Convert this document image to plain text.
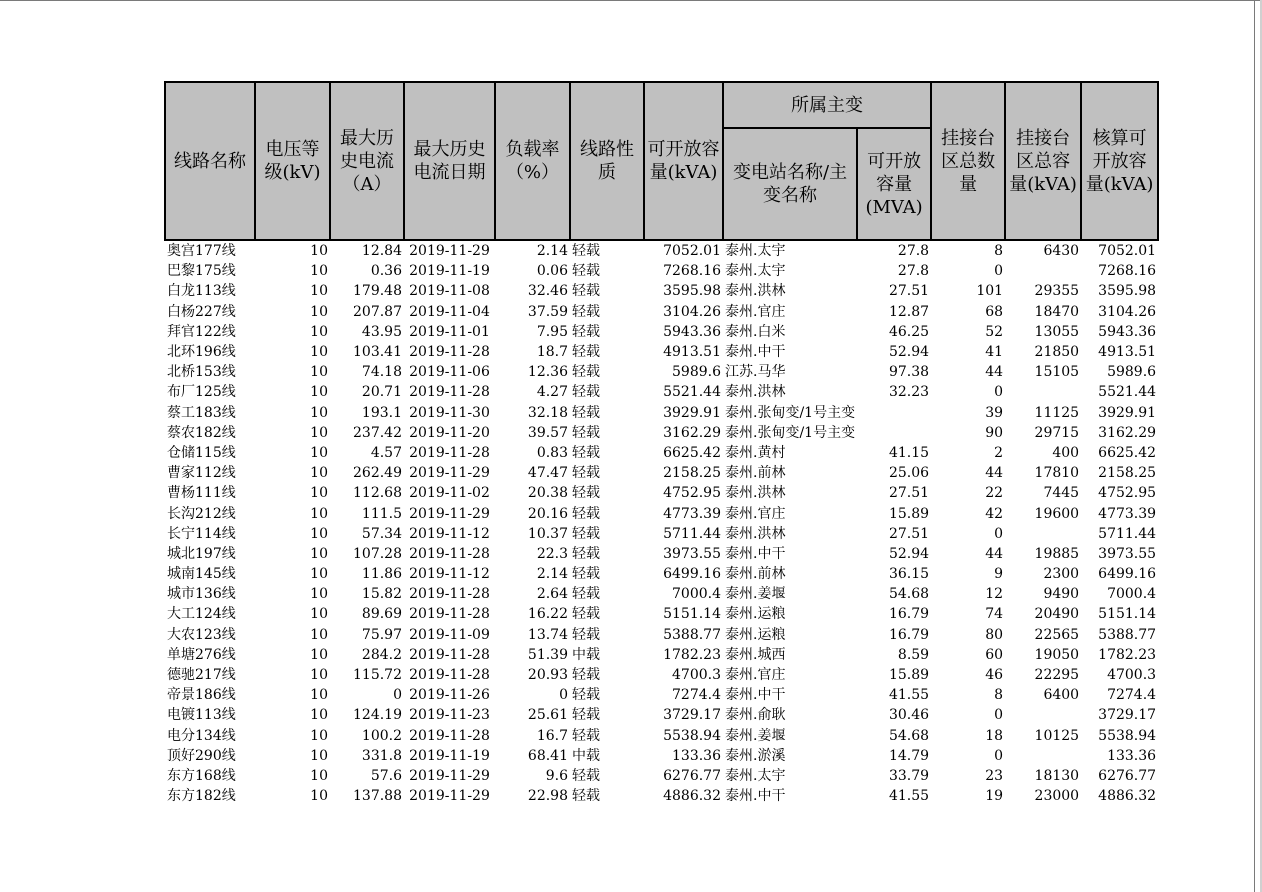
线路名称	电压等级(kV)	最大历史电流（A）	最大历史电流日期	负载率（%）	线路性质	可开放容量(kVA)	所属主变		挂接台区总数量	挂接台区总容量(kVA)	核算可开放容量(kVA)
							变电站名称/主变名称	可开放容量(MVA)			
奥宫177线	10	12.84	2019-11-29	2.14	轻载	7052.01	泰州.太宇	27.8	8	6430	7052.01
巴黎175线	10	0.36	2019-11-19	0.06	轻载	7268.16	泰州.太宇	27.8	0		7268.16
白龙113线	10	179.48	2019-11-08	32.46	轻载	3595.98	泰州.洪林	27.51	101	29355	3595.98
白杨227线	10	207.87	2019-11-04	37.59	轻载	3104.26	泰州.官庄	12.87	68	18470	3104.26
拜官122线	10	43.95	2019-11-01	7.95	轻载	5943.36	泰州.白米	46.25	52	13055	5943.36
北环196线	10	103.41	2019-11-28	18.7	轻载	4913.51	泰州.中干	52.94	41	21850	4913.51
北桥153线	10	74.18	2019-11-06	12.36	轻载	5989.6	江苏.马华	97.38	44	15105	5989.6
布厂125线	10	20.71	2019-11-28	4.27	轻载	5521.44	泰州.洪林	32.23	0		5521.44
蔡工183线	10	193.1	2019-11-30	32.18	轻载	3929.91	泰州.张甸变/1号主变		39	11125	3929.91
蔡农182线	10	237.42	2019-11-20	39.57	轻载	3162.29	泰州.张甸变/1号主变		90	29715	3162.29
仓储115线	10	4.57	2019-11-28	0.83	轻载	6625.42	泰州.黄村	41.15	2	400	6625.42
曹家112线	10	262.49	2019-11-29	47.47	轻载	2158.25	泰州.前林	25.06	44	17810	2158.25
曹杨111线	10	112.68	2019-11-02	20.38	轻载	4752.95	泰州.洪林	27.51	22	7445	4752.95
长沟212线	10	111.5	2019-11-29	20.16	轻载	4773.39	泰州.官庄	15.89	42	19600	4773.39
长宁114线	10	57.34	2019-11-12	10.37	轻载	5711.44	泰州.洪林	27.51	0		5711.44
城北197线	10	107.28	2019-11-28	22.3	轻载	3973.55	泰州.中干	52.94	44	19885	3973.55
城南145线	10	11.86	2019-11-12	2.14	轻载	6499.16	泰州.前林	36.15	9	2300	6499.16
城市136线	10	15.82	2019-11-28	2.64	轻载	7000.4	泰州.姜堰	54.68	12	9490	7000.4
大工124线	10	89.69	2019-11-28	16.22	轻载	5151.14	泰州.运粮	16.79	74	20490	5151.14
大农123线	10	75.97	2019-11-09	13.74	轻载	5388.77	泰州.运粮	16.79	80	22565	5388.77
单塘276线	10	284.2	2019-11-28	51.39	中载	1782.23	泰州.城西	8.59	60	19050	1782.23
德驰217线	10	115.72	2019-11-28	20.93	轻载	4700.3	泰州.官庄	15.89	46	22295	4700.3
帝景186线	10	0	2019-11-26	0	轻载	7274.4	泰州.中干	41.55	8	6400	7274.4
电镀113线	10	124.19	2019-11-23	25.61	轻载	3729.17	泰州.俞耿	30.46	0		3729.17
电分134线	10	100.2	2019-11-28	16.7	轻载	5538.94	泰州.姜堰	54.68	18	10125	5538.94
顶好290线	10	331.8	2019-11-19	68.41	中载	133.36	泰州.淤溪	14.79	0		133.36
东方168线	10	57.6	2019-11-29	9.6	轻载	6276.77	泰州.太宇	33.79	23	18130	6276.77
东方182线	10	137.88	2019-11-29	22.98	轻载	4886.32	泰州.中干	41.55	19	23000	4886.32
